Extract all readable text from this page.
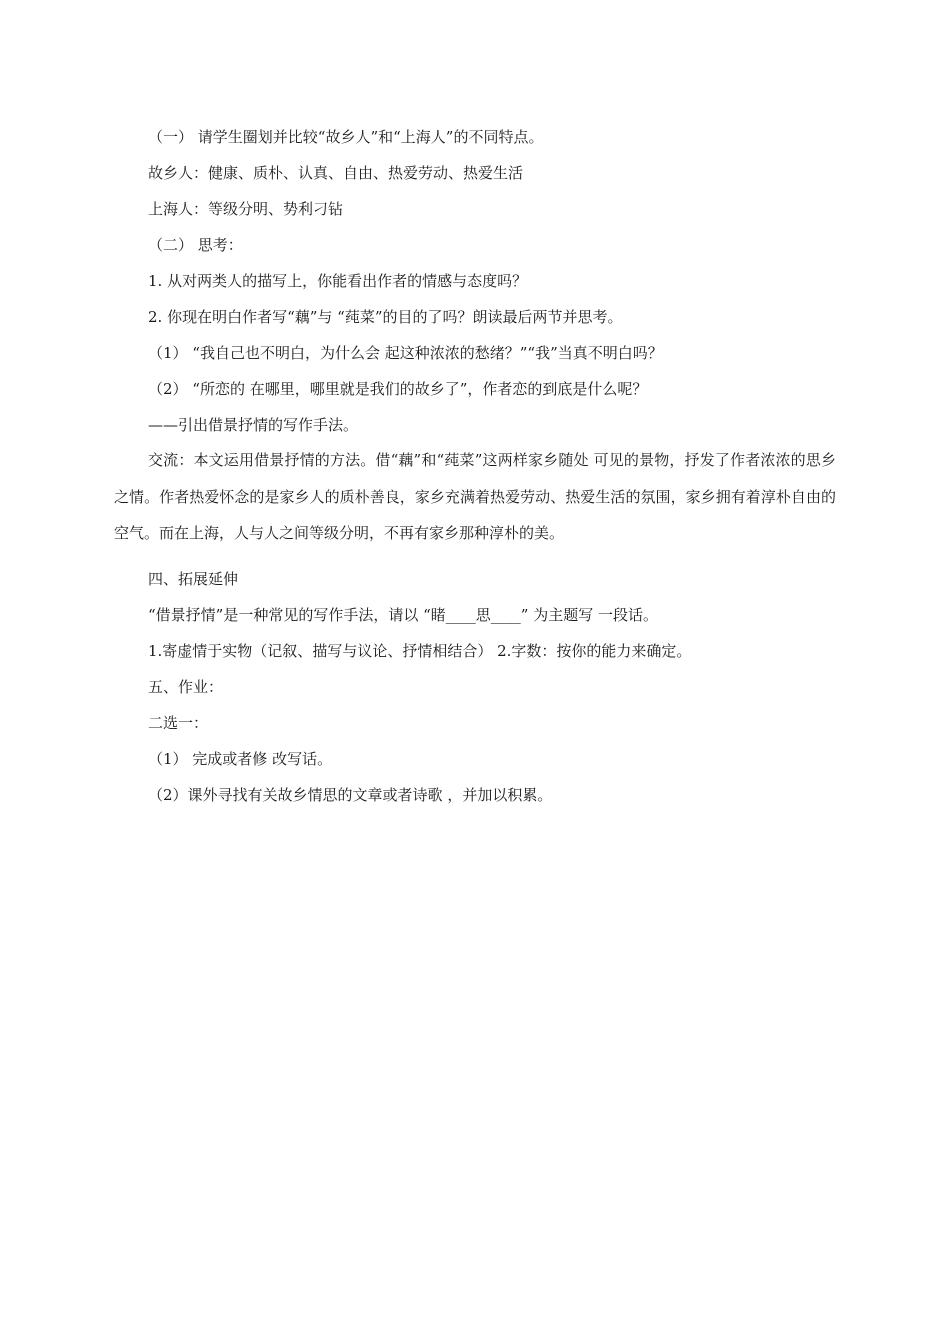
（一） 请学生圈划并比较“故乡人”和“上海人”的不同特点。
故乡人：健康、质朴、认真、自由、热爱劳动、热爱生活
上海人：等级分明、势利刁钻
（二） 思考：
1. 从对两类人的描写上，你能看出作者的情感与态度吗？
2. 你现在明白作者写“藕”与 “莼菜”的目的了吗？朗读最后两节并思考。
（1） “我自己也不明白，为什么会 起这种浓浓的愁绪？”“我”当真不明白吗？
（2） “所恋的 在哪里，哪里就是我们的故乡了”，作者恋的到底是什么呢？
——引出借景抒情的写作手法。
交流：本文运用借景抒情的方法。借“藕”和“莼菜”这两样家乡随处 可见的景物，抒发了作者浓浓的思乡之情。作者热爱怀念的是家乡人的质朴善良，家乡充满着热爱劳动、热爱生活的氛围，家乡拥有着淳朴自由的空气。而在上海，人与人之间等级分明，不再有家乡那种淳朴的美。
四、拓展延伸
“借景抒情”是一种常见的写作手法，请以 “睹____思____” 为主题写 一段话。
1.寄虚情于实物（记叙、描写与议论、抒情相结合） 2.字数：按你的能力来确定。
五、作业：
二选一：
（1） 完成或者修 改写话。
（2）课外寻找有关故乡情思的文章或者诗歌 ，并加以积累。
